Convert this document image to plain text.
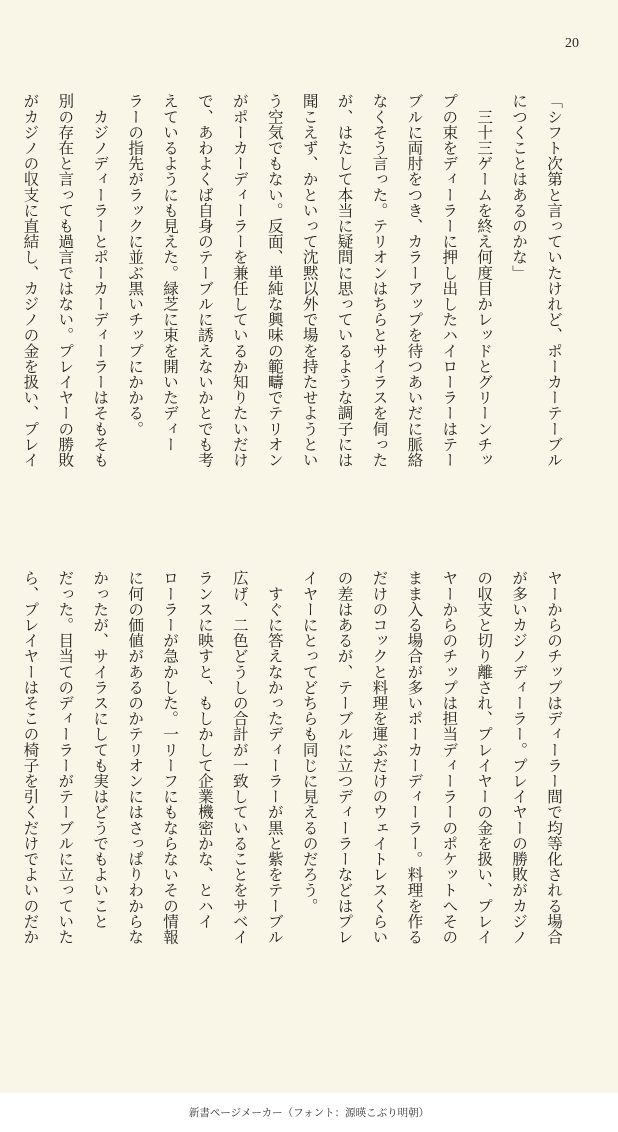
20
「シフト次第と言っていたけれど、ポーカーテーブル
につくことはあるのかな」
　三十三ゲームを終え何度目かレッドとグリーンチッ
プの束をディーラーに押し出したハイローラーはテー
ブルに両肘をつき、カラーアップを待つあいだに脈絡
なくそう言った。テリオンはちらとサイラスを伺った
が、はたして本当に疑問に思っているような調子には
聞こえず、かといって沈黙以外で場を持たせようとい
う空気でもない。反面、単純な興味の範疇でテリオン
がポーカーディーラーを兼任しているか知りたいだけ
で、あわよくば自身のテーブルに誘えないかとでも考
えているようにも見えた。緑芝に束を開いたディー
ラーの指先がラックに並ぶ黒いチップにかかる。
　カジノディーラーとポーカーディーラーはそもそも
別の存在と言っても過言ではない。プレイヤーの勝敗
がカジノの収支に直結し、カジノの金を扱い、プレイ
ヤーからのチップはディーラー間で均等化される場合
が多いカジノディーラー。プレイヤーの勝敗がカジノ
の収支と切り離され、プレイヤーの金を扱い、プレイ
ヤーからのチップは担当ディーラーのポケットへその
まま入る場合が多いポーカーディーラー。料理を作る
だけのコックと料理を運ぶだけのウェイトレスくらい
の差はあるが、テーブルに立つディーラーなどはプレ
イヤーにとってどちらも同じに見えるのだろう。
　すぐに答えなかったディーラーが黒と紫をテーブル
広げ、二色どうしの合計が一致していることをサベイ
ランスに映すと、もしかして企業機密かな、とハイ
ローラーが急かした。一リーフにもならないその情報
に何の価値があるのかテリオンにはさっぱりわからな
かったが、サイラスにしても実はどうでもよいこと
だった。目当てのディーラーがテーブルに立っていた
ら、プレイヤーはそこの椅子を引くだけでよいのだか
新書ページメーカー（フォント：源暎こぶり明朝）
